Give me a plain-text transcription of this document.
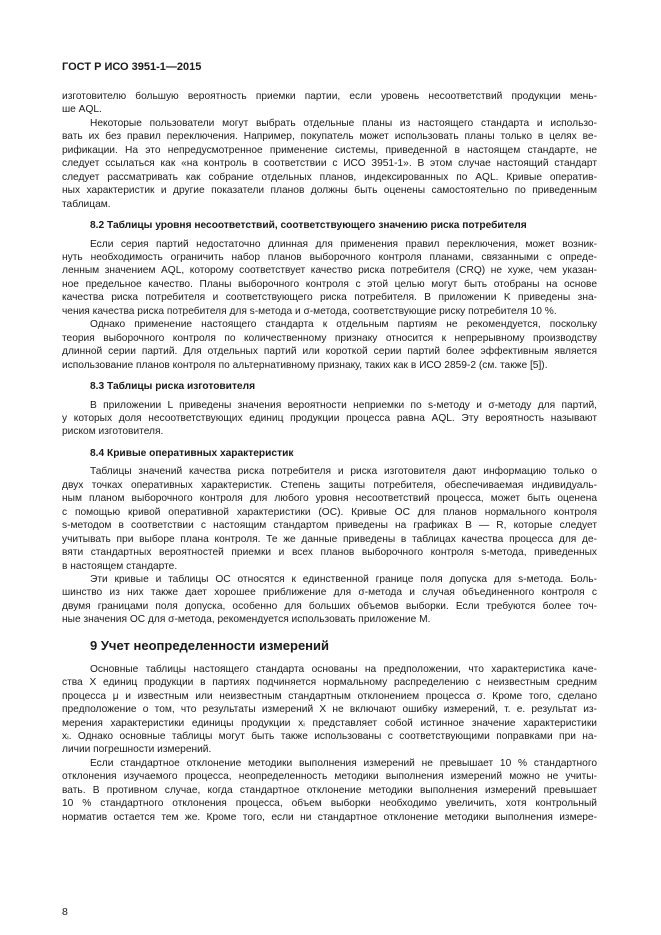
ГОСТ Р ИСО 3951-1—2015
изготовителю большую вероятность приемки партии, если уровень несоответствий продукции мень-
ше AQL.
Некоторые пользователи могут выбрать отдельные планы из настоящего стандарта и использо-
вать их без правил переключения. Например, покупатель может использовать планы только в целях ве-
рификации. На это непредусмотренное применение системы, приведенной в настоящем стандарте, не
следует ссылаться как «на контроль в соответствии с ИСО 3951-1». В этом случае настоящий стандарт
следует рассматривать как собрание отдельных планов, индексированных по AQL. Кривые оператив-
ных характеристик и другие показатели планов должны быть оценены самостоятельно по приведенным
таблицам.
8.2 Таблицы уровня несоответствий, соответствующего значению риска потребителя
Если серия партий недостаточно длинная для применения правил переключения, может возник-
нуть необходимость ограничить набор планов выборочного контроля планами, связанными с опреде-
ленным значением AQL, которому соответствует качество риска потребителя (CRQ) не хуже, чем указан-
ное предельное качество. Планы выборочного контроля с этой целью могут быть отобраны на основе
качества риска потребителя и соответствующего риска потребителя. В приложении K приведены зна-
чения качества риска потребителя для s-метода и σ-метода, соответствующие риску потребителя 10 %.
Однако применение настоящего стандарта к отдельным партиям не рекомендуется, поскольку
теория выборочного контроля по количественному признаку относится к непрерывному производству
длинной серии партий. Для отдельных партий или короткой серии партий более эффективным является
использование планов контроля по альтернативному признаку, таких как в ИСО 2859-2 (см. также [5]).
8.3 Таблицы риска изготовителя
В приложении L приведены значения вероятности неприемки по s-методу и σ-методу для партий,
у которых доля несоответствующих единиц продукции процесса равна AQL. Эту вероятность называют
риском изготовителя.
8.4 Кривые оперативных характеристик
Таблицы значений качества риска потребителя и риска изготовителя дают информацию только о
двух точках оперативных характеристик. Степень защиты потребителя, обеспечиваемая индивидуаль-
ным планом выборочного контроля для любого уровня несоответствий процесса, может быть оценена
с помощью кривой оперативной характеристики (ОС). Кривые ОС для планов нормального контроля
s-методом в соответствии с настоящим стандартом приведены на графиках B — R, которые следует
учитывать при выборе плана контроля. Те же данные приведены в таблицах качества процесса для де-
вяти стандартных вероятностей приемки и всех планов выборочного контроля s-метода, приведенных
в настоящем стандарте.
Эти кривые и таблицы ОС относятся к единственной границе поля допуска для s-метода. Боль-
шинство из них также дает хорошее приближение для σ-метода и случая объединенного контроля с
двумя границами поля допуска, особенно для больших объемов выборки. Если требуются более точ-
ные значения ОС для σ-метода, рекомендуется использовать приложение M.
9 Учет неопределенности измерений
Основные таблицы настоящего стандарта основаны на предположении, что характеристика каче-
ства X единиц продукции в партиях подчиняется нормальному распределению с неизвестным средним
процесса μ и известным или неизвестным стандартным отклонением процесса σ. Кроме того, сделано
предположение о том, что результаты измерений X не включают ошибку измерений, т. е. результат из-
мерения характеристики единицы продукции xᵢ представляет собой истинное значение характеристики
xᵢ. Однако основные таблицы могут быть также использованы с соответствующими поправками при на-
личии погрешности измерений.
Если стандартное отклонение методики выполнения измерений не превышает 10 % стандартного
отклонения изучаемого процесса, неопределенность методики выполнения измерений можно не учиты-
вать. В противном случае, когда стандартное отклонение методики выполнения измерений превышает
10 % стандартного отклонения процесса, объем выборки необходимо увеличить, хотя контрольный
норматив остается тем же. Кроме того, если ни стандартное отклонение методики выполнения измере-
8
